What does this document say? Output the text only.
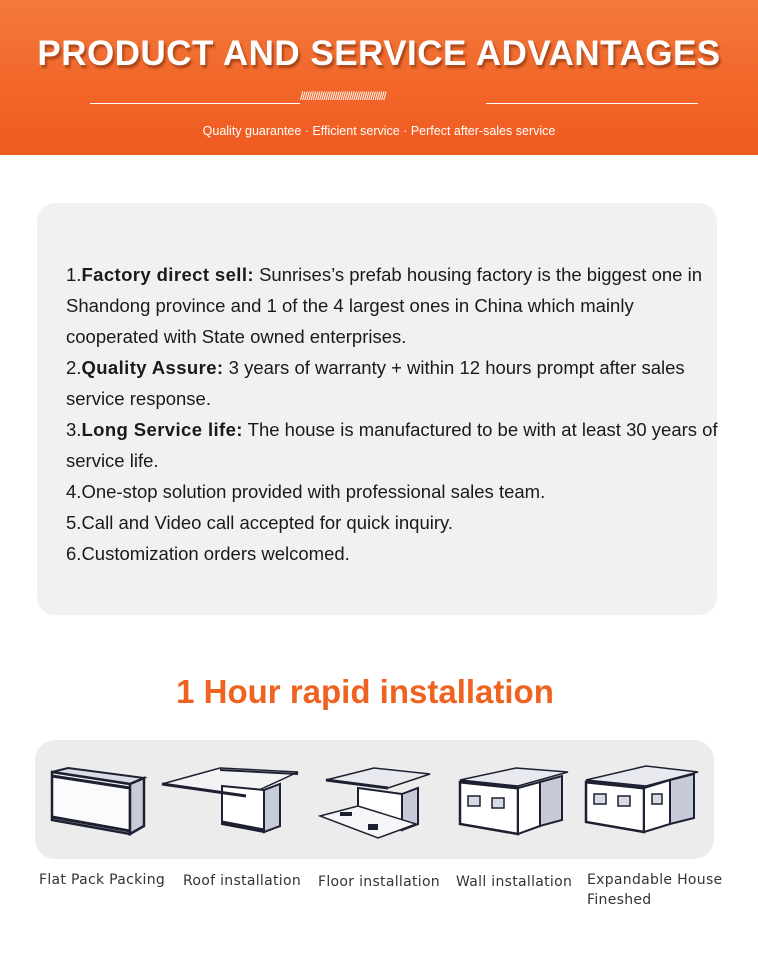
PRODUCT AND SERVICE ADVANTAGES
////////////////////////////////////////
Quality guarantee · Efficient service · Perfect after-sales service

1.Factory direct sell: Sunrises’s prefab housing factory is the biggest one in Shandong province and 1 of the 4 largest ones in China which mainly cooperated with State owned enterprises.

2.Quality Assure: 3 years of warranty + within 12 hours prompt after sales service response.

3.Long Service life: The house is manufactured to be with at least 30 years of service life.

4.One-stop solution provided with professional sales team.

5.Call and Video call accepted for quick inquiry.

6.Customization orders welcomed.

1 Hour rapid installation
Flat Pack Packing Roof installation Floor installation Wall installation Expandable House Fineshed
